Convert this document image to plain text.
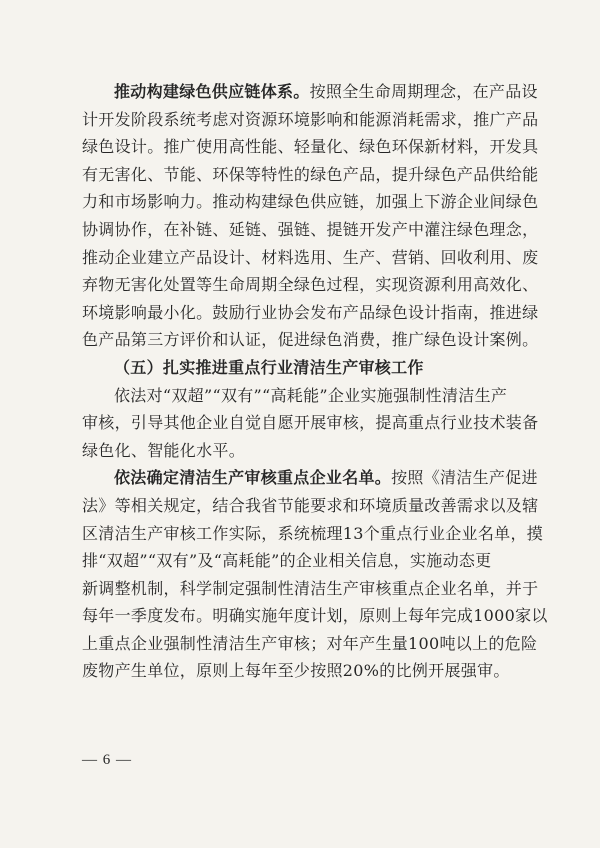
推动构建绿色供应链体系。按照全生命周期理念，在产品设
计开发阶段系统考虑对资源环境影响和能源消耗需求，推广产品
绿色设计。推广使用高性能、轻量化、绿色环保新材料，开发具
有无害化、节能、环保等特性的绿色产品，提升绿色产品供给能
力和市场影响力。推动构建绿色供应链，加强上下游企业间绿色
协调协作，在补链、延链、强链、提链开发产中灌注绿色理念，
推动企业建立产品设计、材料选用、生产、营销、回收利用、废
弃物无害化处置等生命周期全绿色过程，实现资源利用高效化、
环境影响最小化。鼓励行业协会发布产品绿色设计指南，推进绿
色产品第三方评价和认证，促进绿色消费，推广绿色设计案例。
（五）扎实推进重点行业清洁生产审核工作
依法对“双超”“双有”“高耗能”企业实施强制性清洁生产
审核，引导其他企业自觉自愿开展审核，提高重点行业技术装备
绿色化、智能化水平。
依法确定清洁生产审核重点企业名单。按照《清洁生产促进
法》等相关规定，结合我省节能要求和环境质量改善需求以及辖
区清洁生产审核工作实际，系统梳理13个重点行业企业名单，摸
排“双超”“双有”及“高耗能”的企业相关信息，实施动态更
新调整机制，科学制定强制性清洁生产审核重点企业名单，并于
每年一季度发布。明确实施年度计划，原则上每年完成1000家以
上重点企业强制性清洁生产审核；对年产生量100吨以上的危险
废物产生单位，原则上每年至少按照20%的比例开展强审。
— 6 —
